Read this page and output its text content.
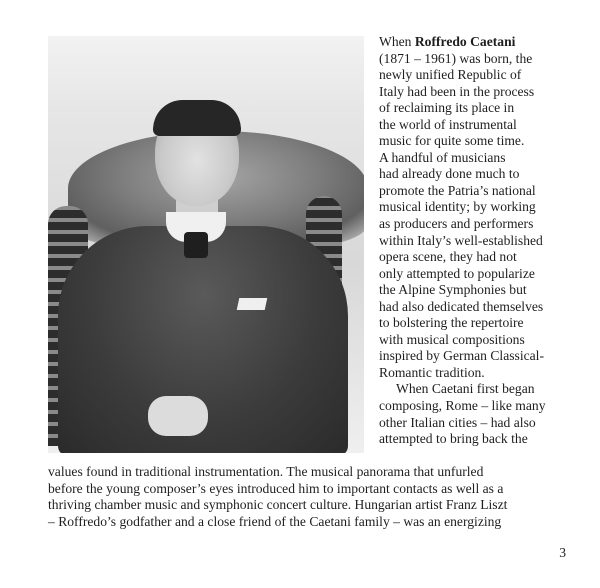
When Roffredo Caetani
(1871 – 1961) was born, the
newly unified Republic of
Italy had been in the process
of reclaiming its place in
the world of instrumental
music for quite some time.
A handful of musicians
had already done much to
promote the Patria’s national
musical identity; by working
as producers and performers
within Italy’s well-established
opera scene, they had not
only attempted to popularize
the Alpine Symphonies but
had also dedicated themselves
to bolstering the repertoire
with musical compositions
inspired by German Classical-
Romantic tradition.
When Caetani first began
composing, Rome – like many
other Italian cities – had also
attempted to bring back the
values found in traditional instrumentation. The musical panorama that unfurled
before the young composer’s eyes introduced him to important contacts as well as a
thriving chamber music and symphonic concert culture. Hungarian artist Franz Liszt
– Roffredo’s godfather and a close friend of the Caetani family – was an energizing
3
